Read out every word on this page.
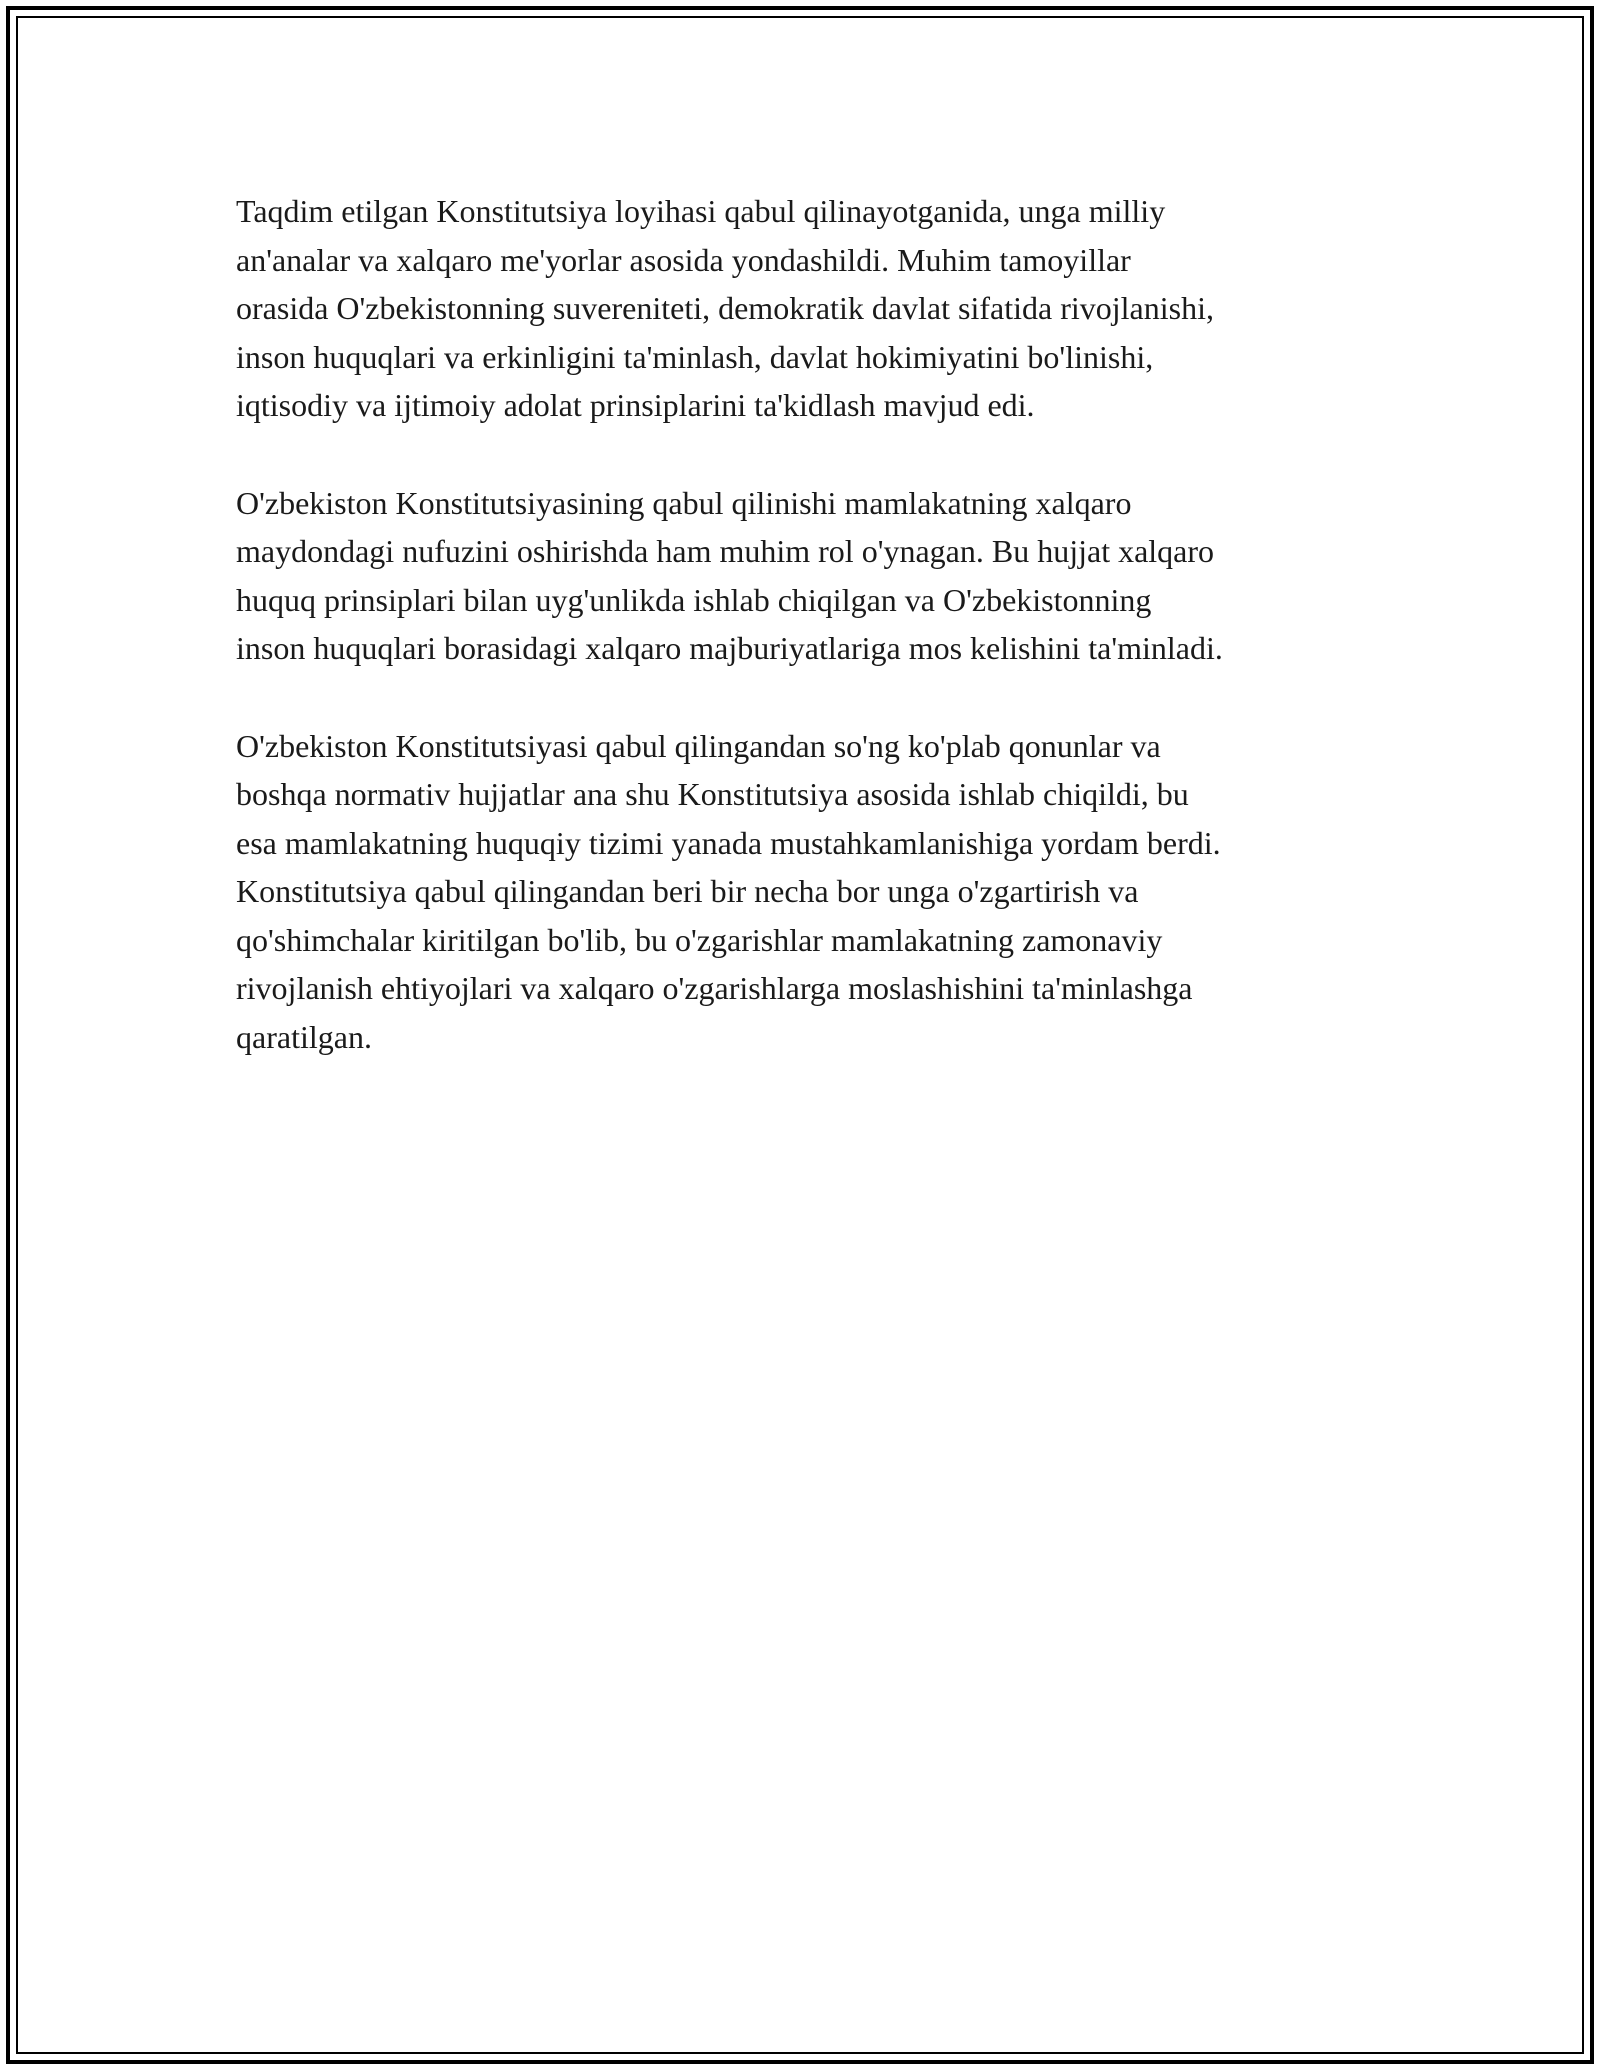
Taqdim etilgan Konstitutsiya loyihasi qabul qilinayotganida, unga milliy
an'analar va xalqaro me'yorlar asosida yondashildi. Muhim tamoyillar
orasida O'zbekistonning suvereniteti, demokratik davlat sifatida rivojlanishi,
inson huquqlari va erkinligini ta'minlash, davlat hokimiyatini bo'linishi,
iqtisodiy va ijtimoiy adolat prinsiplarini ta'kidlash mavjud edi.

O'zbekiston Konstitutsiyasining qabul qilinishi mamlakatning xalqaro
maydondagi nufuzini oshirishda ham muhim rol o'ynagan. Bu hujjat xalqaro
huquq prinsiplari bilan uyg'unlikda ishlab chiqilgan va O'zbekistonning
inson huquqlari borasidagi xalqaro majburiyatlariga mos kelishini ta'minladi.

O'zbekiston Konstitutsiyasi qabul qilingandan so'ng ko'plab qonunlar va
boshqa normativ hujjatlar ana shu Konstitutsiya asosida ishlab chiqildi, bu
esa mamlakatning huquqiy tizimi yanada mustahkamlanishiga yordam berdi.
Konstitutsiya qabul qilingandan beri bir necha bor unga o'zgartirish va
qo'shimchalar kiritilgan bo'lib, bu o'zgarishlar mamlakatning zamonaviy
rivojlanish ehtiyojlari va xalqaro o'zgarishlarga moslashishini ta'minlashga
qaratilgan.
